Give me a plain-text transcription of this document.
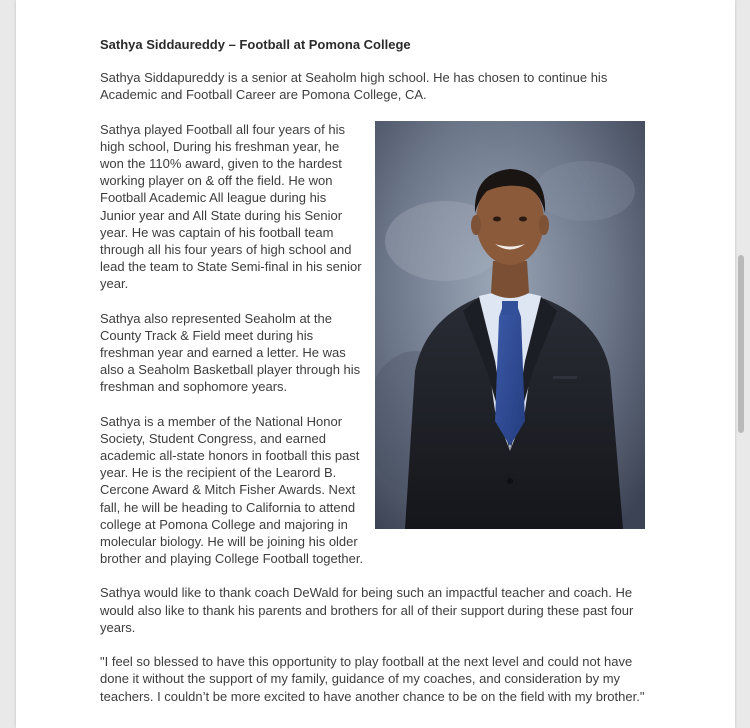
Sathya Siddaureddy – Football at Pomona College
Sathya Siddapureddy is a senior at Seaholm high school. He has chosen to continue his Academic and Football Career are Pomona College, CA.
Sathya played Football all four years of his high school, During his freshman year, he won the 110% award, given to the hardest working player on & off the field. He won Football Academic All league during his Junior year and All State during his Senior year. He was captain of his football team through all his four years of high school and lead the team to State Semi-final in his senior year.
Sathya also represented Seaholm at the County Track & Field meet during his freshman year and earned a letter. He was also a Seaholm Basketball player through his freshman and sophomore years.
Sathya is a member of the National Honor Society, Student Congress, and earned academic all-state honors in football this past year. He is the recipient of the Learord B. Cercone Award & Mitch Fisher Awards. Next fall, he will be heading to California to attend college at Pomona College and majoring in molecular biology. He will be joining his older brother and playing College Football together.
Sathya would like to thank coach DeWald for being such an impactful teacher and coach. He would also like to thank his parents and brothers for all of their support during these past four years.
"I feel so blessed to have this opportunity to play football at the next level and could not have done it without the support of my family, guidance of my coaches, and consideration by my teachers. I couldn’t be more excited to have another chance to be on the field with my brother."
